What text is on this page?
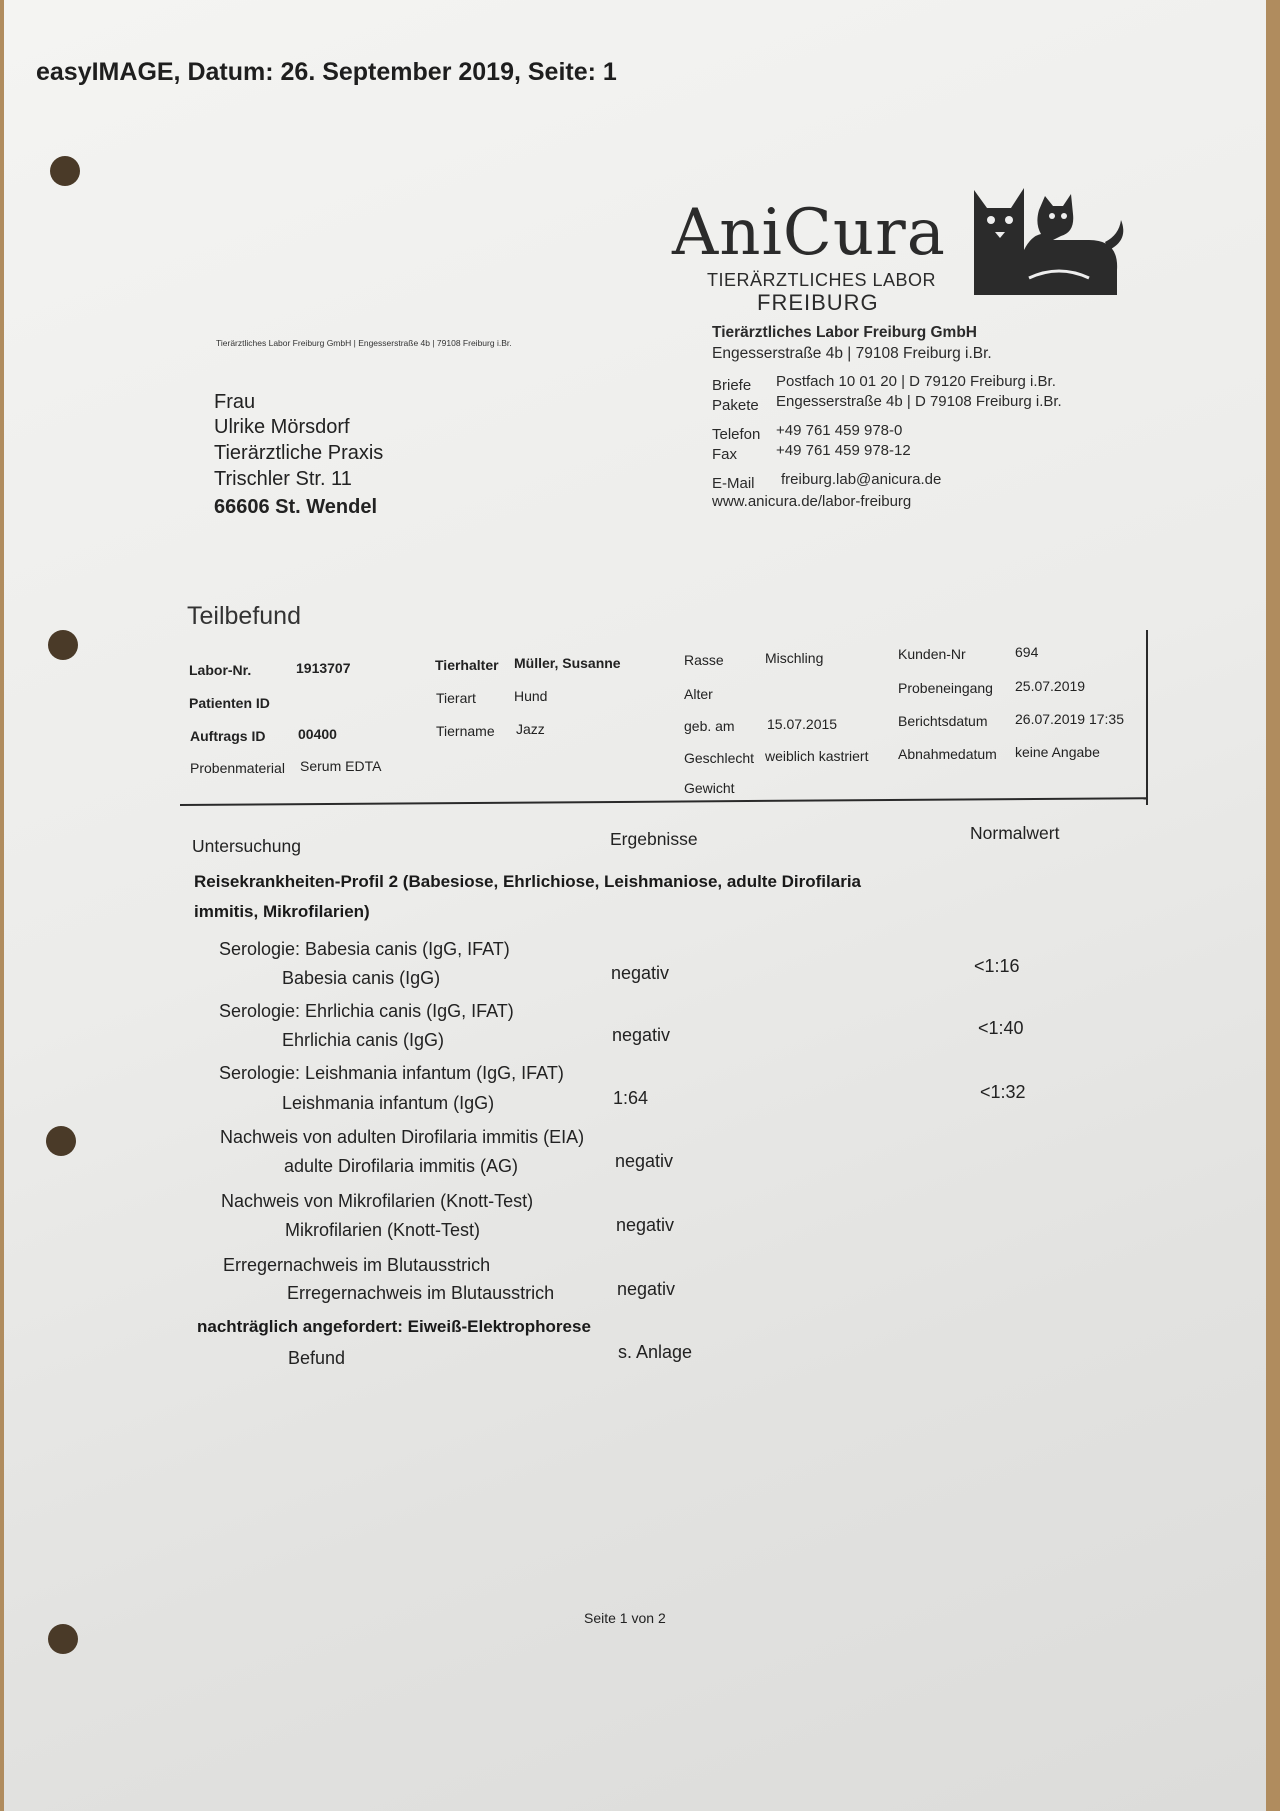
easyIMAGE, Datum: 26. September 2019, Seite: 1
AniCura
TIERÄRZTLICHES LABOR
FREIBURG
Tierärztliches Labor Freiburg GmbH | Engesserstraße 4b | 79108 Freiburg i.Br.
Frau
Ulrike Mörsdorf
Tierärztliche Praxis
Trischler Str. 11
66606 St. Wendel
Tierärztliches Labor Freiburg GmbH
Engesserstraße 4b | 79108 Freiburg i.Br.
Briefe Postfach 10 01 20 | D 79120 Freiburg i.Br.
Pakete Engesserstraße 4b | D 79108 Freiburg i.Br.
Telefon +49 761 459 978-0
Fax	+49 761 459 978-12
E-Mail freiburg.lab@anicura.de
www.anicura.de/labor-freiburg
Teilbefund
Labor-Nr.	1913707
Patienten ID
Auftrags ID 00400
Probenmaterial Serum EDTA
Tierhalter Müller, Susanne
Tierart	Hund
Tiername Jazz
Rasse	Mischling
Alter
geb. am 15.07.2015
Geschlecht weiblich kastriert
Gewicht
Kunden-Nr	694
Probeneingang 25.07.2019
Berichtsdatum 26.07.2019 17:35
Abnahmedatum keine Angabe
Untersuchung	Ergebnisse	Normalwert
Reisekrankheiten-Profil 2 (Babesiose, Ehrlichiose, Leishmaniose, adulte Dirofilaria
immitis, Mikrofilarien)
Serologie: Babesia canis (IgG, IFAT)
Babesia canis (IgG)	negativ	<1:16
Serologie: Ehrlichia canis (IgG, IFAT)
Ehrlichia canis (IgG)	negativ	<1:40
Serologie: Leishmania infantum (IgG, IFAT)
Leishmania infantum (IgG)	1:64	<1:32
Nachweis von adulten Dirofilaria immitis (EIA)
adulte Dirofilaria immitis (AG)	negativ
Nachweis von Mikrofilarien (Knott-Test)
Mikrofilarien (Knott-Test)	negativ
Erregernachweis im Blutausstrich
Erregernachweis im Blutausstrich	negativ
nachträglich angefordert: Eiweiß-Elektrophorese
Befund	s. Anlage
Seite 1 von 2
